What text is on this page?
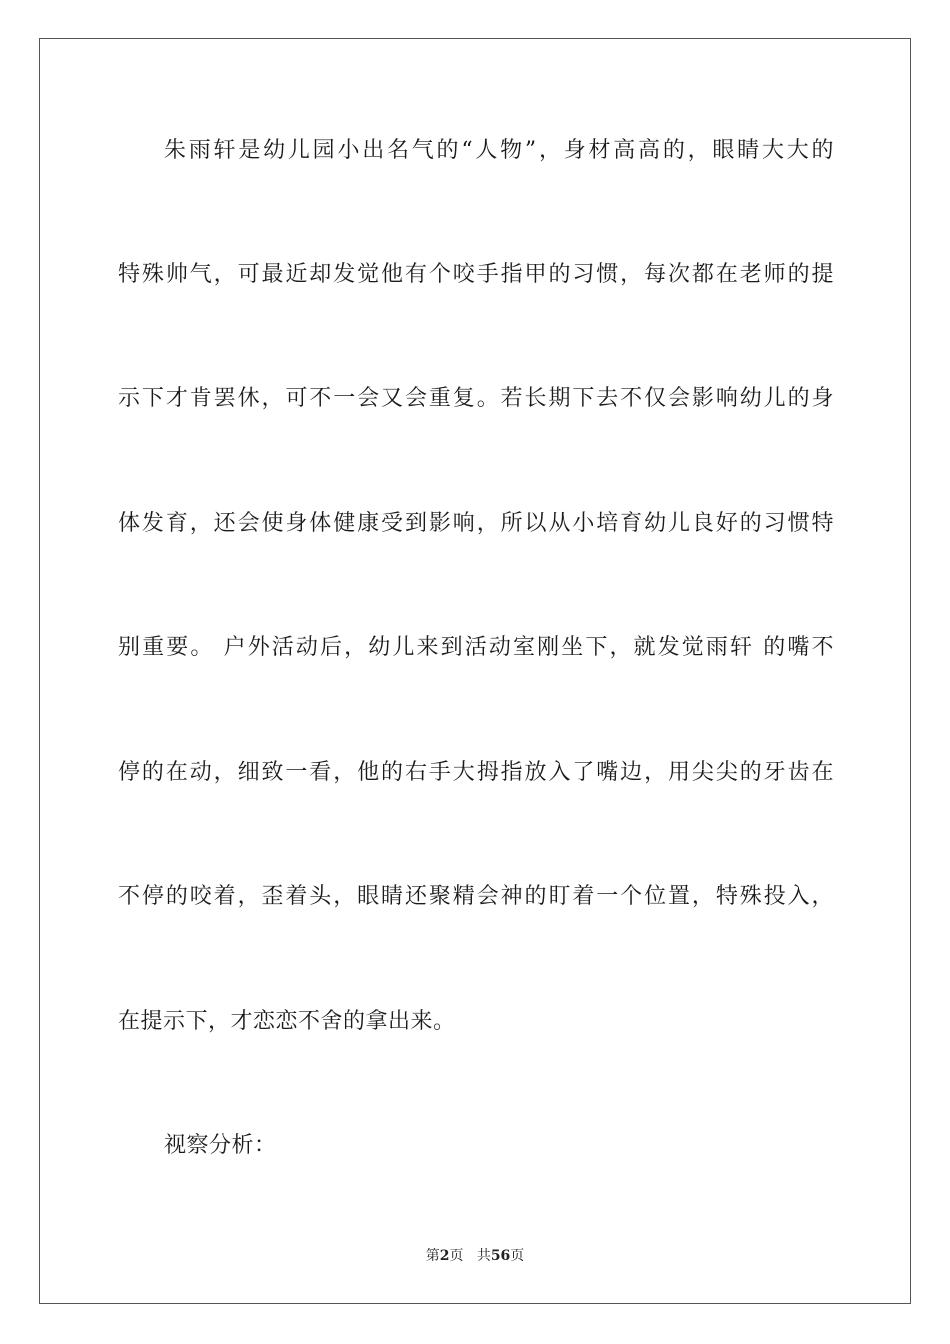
朱雨轩是幼儿园小出名气的“人物”，身材高高的，眼睛大大的
特殊帅气，可最近却发觉他有个咬手指甲的习惯，每次都在老师的提
示下才肯罢休，可不一会又会重复。若长期下去不仅会影响幼儿的身
体发育，还会使身体健康受到影响，所以从小培育幼儿良好的习惯特
别重要。 户外活动后，幼儿来到活动室刚坐下，就发觉雨轩 的嘴不
停的在动，细致一看，他的右手大拇指放入了嘴边，用尖尖的牙齿在
不停的咬着，歪着头，眼睛还聚精会神的盯着一个位置，特殊投入，
在提示下，才恋恋不舍的拿出来。
视察分析：
第2页 共56页
